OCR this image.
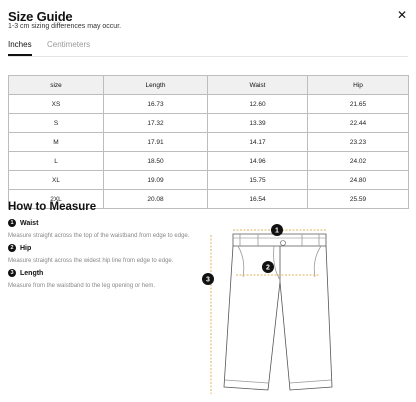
Size Guide
1-3 cm sizing differences may occur.
✕
Inches Centimeters
size	Length	Waist	Hip
XS	16.73	12.60	21.65
S	17.32	13.39	22.44
M	17.91	14.17	23.23
L	18.50	14.96	24.02
XL	19.09	15.75	24.80
2XL	20.08	16.54	25.59
How to Measure
1 Waist
Measure straight across the top of the waistband from edge to edge.
2 Hip
Measure straight across the widest hip line from edge to edge.
3 Length
Measure from the waistband to the leg opening or hem.
1
2
3
